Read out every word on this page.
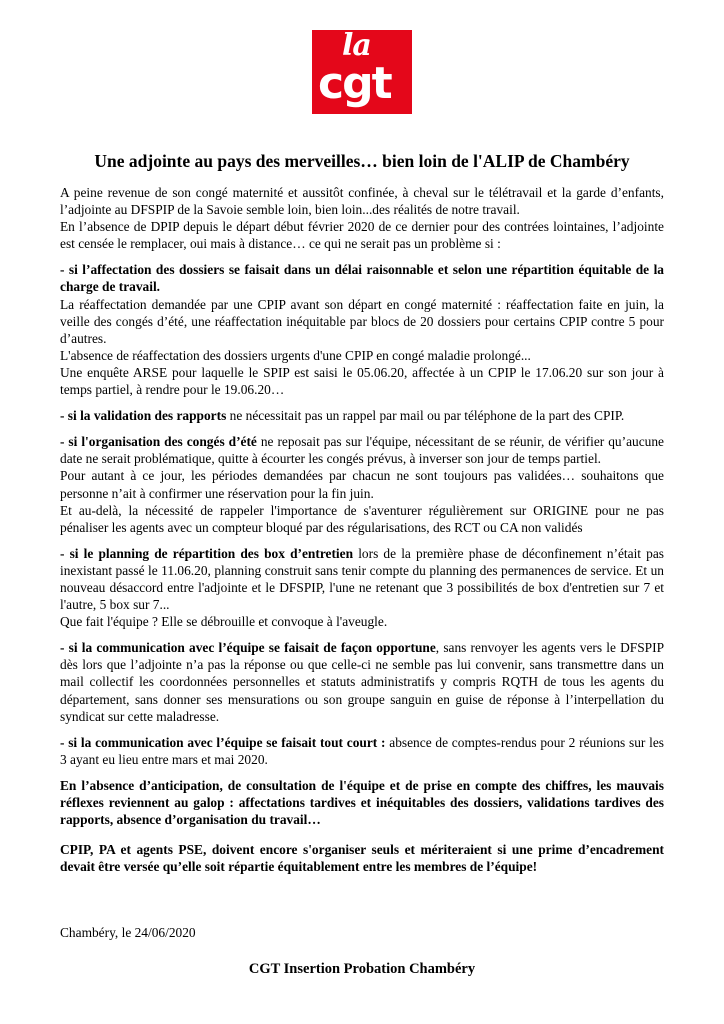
la
cgt
Une adjointe au pays des merveilles… bien loin de l'ALIP de Chambéry

A peine revenue de son congé maternité et aussitôt confinée, à cheval sur le télétravail et la garde d’enfants, l’adjointe au DFSPIP de la Savoie semble loin, bien loin...des réalités de notre travail.

En l’absence de DPIP depuis le départ début février 2020 de ce dernier pour des contrées lointaines, l’adjointe est censée le remplacer, oui mais à distance… ce qui ne serait pas un problème si :

- si l’affectation des dossiers se faisait dans un délai raisonnable et selon une répartition équitable de la charge de travail.

La réaffectation demandée par une CPIP avant son départ en congé maternité : réaffectation faite en juin, la veille des congés d’été, une réaffectation inéquitable par blocs de 20 dossiers pour certains CPIP contre 5 pour d’autres.

L'absence de réaffectation des dossiers urgents d'une CPIP en congé maladie prolongé...

Une enquête ARSE pour laquelle le SPIP est saisi le 05.06.20, affectée à un CPIP le 17.06.20 sur son jour à temps partiel, à rendre pour le 19.06.20…

- si la validation des rapports ne nécessitait pas un rappel par mail ou par téléphone de la part des CPIP.

- si l'organisation des congés d’été ne reposait pas sur l'équipe, nécessitant de se réunir, de vérifier qu’aucune date ne serait problématique, quitte à écourter les congés prévus, à inverser son jour de temps partiel.

Pour autant à ce jour, les périodes demandées par chacun ne sont toujours pas validées… souhaitons que personne n’ait à confirmer une réservation pour la fin juin.

Et au-delà, la nécessité de rappeler l'importance de s'aventurer régulièrement sur ORIGINE pour ne pas pénaliser les agents avec un compteur bloqué par des régularisations, des RCT ou CA non validés

- si le planning de répartition des box d’entretien lors de la première phase de déconfinement n’était pas inexistant passé le 11.06.20, planning construit sans tenir compte du planning des permanences de service. Et un nouveau désaccord entre l'adjointe et le DFSPIP, l'une ne retenant que 3 possibilités de box d'entretien sur 7 et l'autre, 5 box sur 7...

Que fait l'équipe ? Elle se débrouille et convoque à l'aveugle.

- si la communication avec l’équipe se faisait de façon opportune, sans renvoyer les agents vers le DFSPIP dès lors que l’adjointe n’a pas la réponse ou que celle-ci ne semble pas lui convenir, sans transmettre dans un mail collectif les coordonnées personnelles et statuts administratifs y compris RQTH de tous les agents du département, sans donner ses mensurations ou son groupe sanguin en guise de réponse à l’interpellation du syndicat sur cette maladresse.

- si la communication avec l’équipe se faisait tout court : absence de comptes-rendus pour 2 réunions sur les 3 ayant eu lieu entre mars et mai 2020.

En l’absence d’anticipation, de consultation de l'équipe et de prise en compte des chiffres, les mauvais réflexes reviennent au galop : affectations tardives et inéquitables des dossiers, validations tardives des rapports, absence d’organisation du travail…

CPIP, PA et agents PSE, doivent encore s'organiser seuls et mériteraient si une prime d’encadrement devait être versée qu’elle soit répartie équitablement entre les membres de l’équipe!

Chambéry, le 24/06/2020
CGT Insertion Probation Chambéry
